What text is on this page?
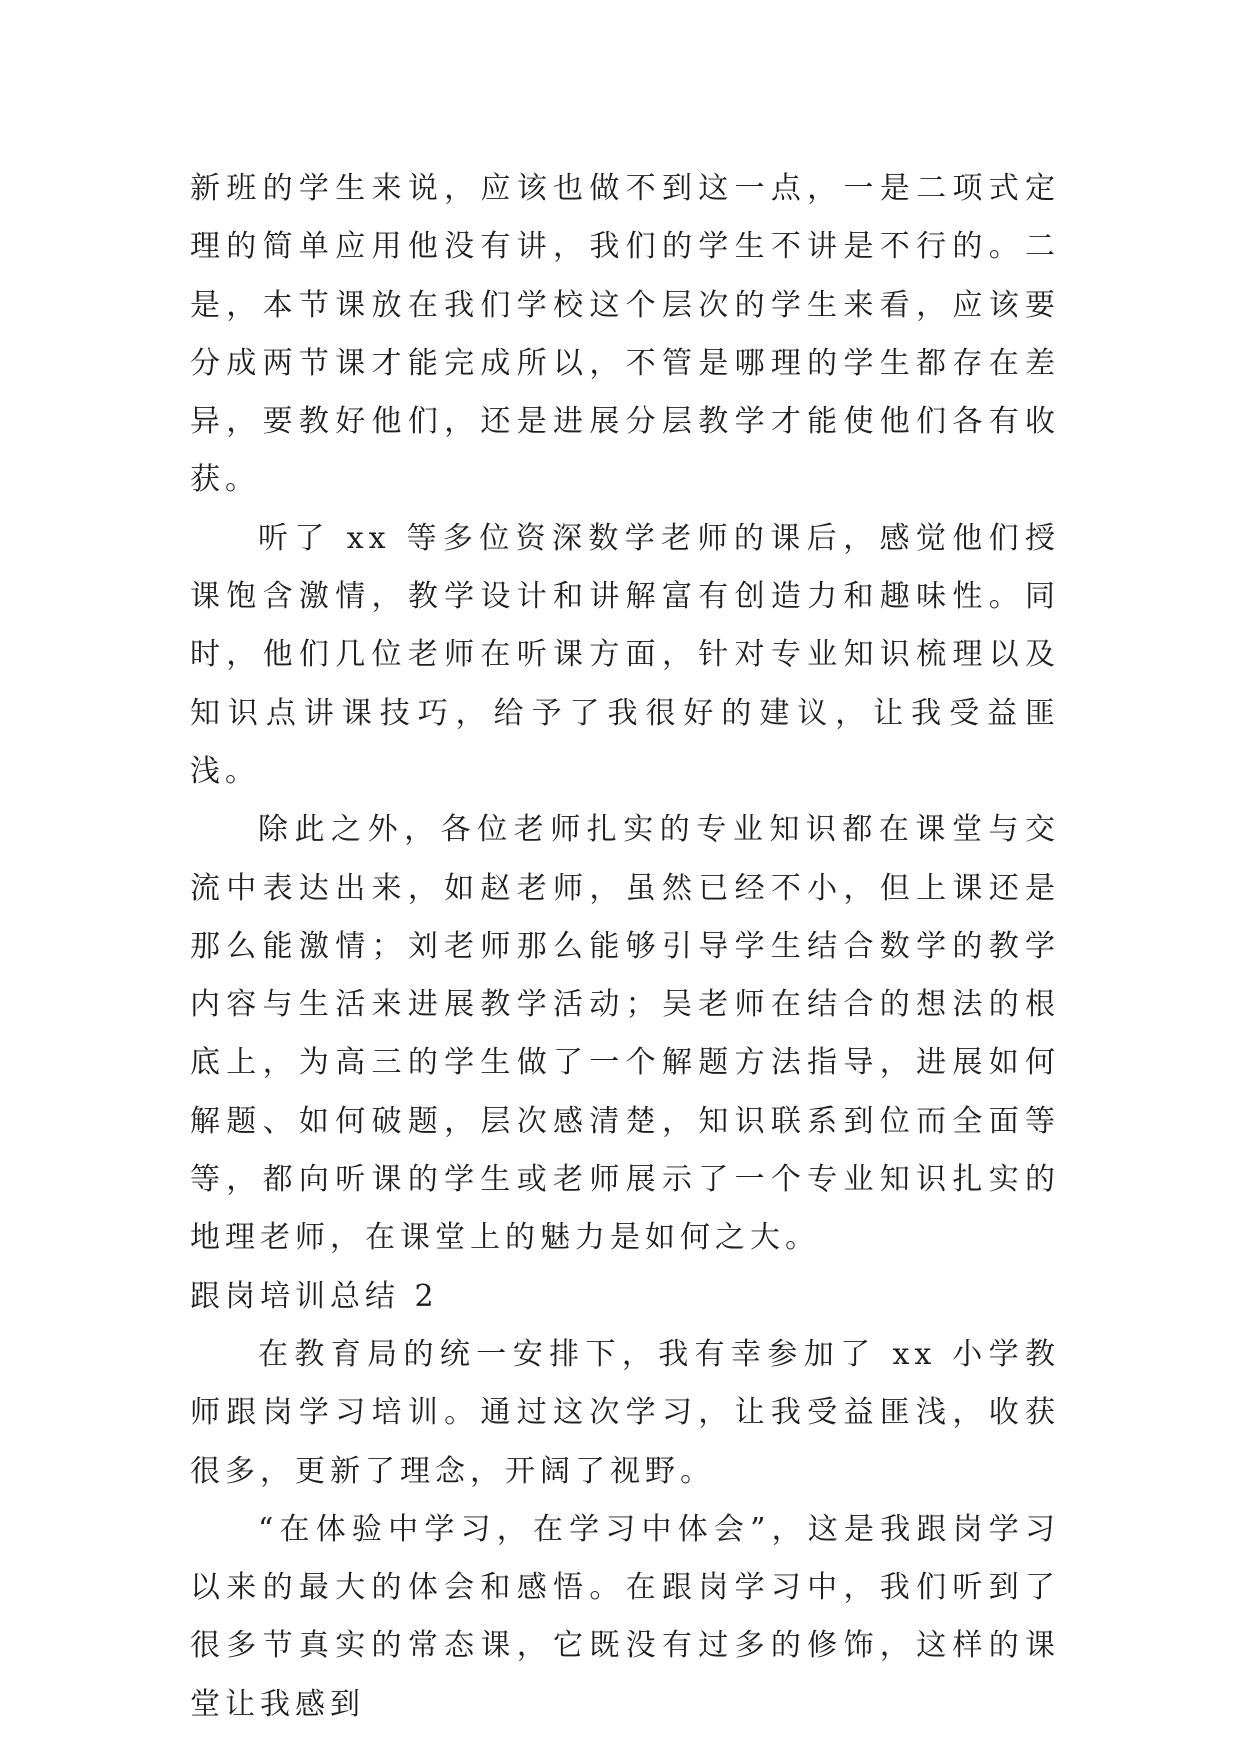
新班的学生来说，应该也做不到这一点，一是二项式定理的简单应用他没有讲，我们的学生不讲是不行的。二是，本节课放在我们学校这个层次的学生来看，应该要分成两节课才能完成所以，不管是哪理的学生都存在差异，要教好他们，还是进展分层教学才能使他们各有收获。

听了 xx 等多位资深数学老师的课后，感觉他们授课饱含激情，教学设计和讲解富有创造力和趣味性。同时，他们几位老师在听课方面，针对专业知识梳理以及知识点讲课技巧，给予了我很好的建议，让我受益匪浅。

除此之外，各位老师扎实的专业知识都在课堂与交流中表达出来，如赵老师，虽然已经不小，但上课还是那么能激情；刘老师那么能够引导学生结合数学的教学内容与生活来进展教学活动；吴老师在结合的想法的根底上，为高三的学生做了一个解题方法指导，进展如何解题、如何破题，层次感清楚，知识联系到位而全面等等，都向听课的学生或老师展示了一个专业知识扎实的地理老师，在课堂上的魅力是如何之大。

跟岗培训总结 2

在教育局的统一安排下，我有幸参加了 xx 小学教师跟岗学习培训。通过这次学习，让我受益匪浅，收获很多，更新了理念，开阔了视野。

“在体验中学习，在学习中体会”，这是我跟岗学习以来的最大的体会和感悟。在跟岗学习中，我们听到了很多节真实的常态课，它既没有过多的修饰，这样的课堂让我感到
